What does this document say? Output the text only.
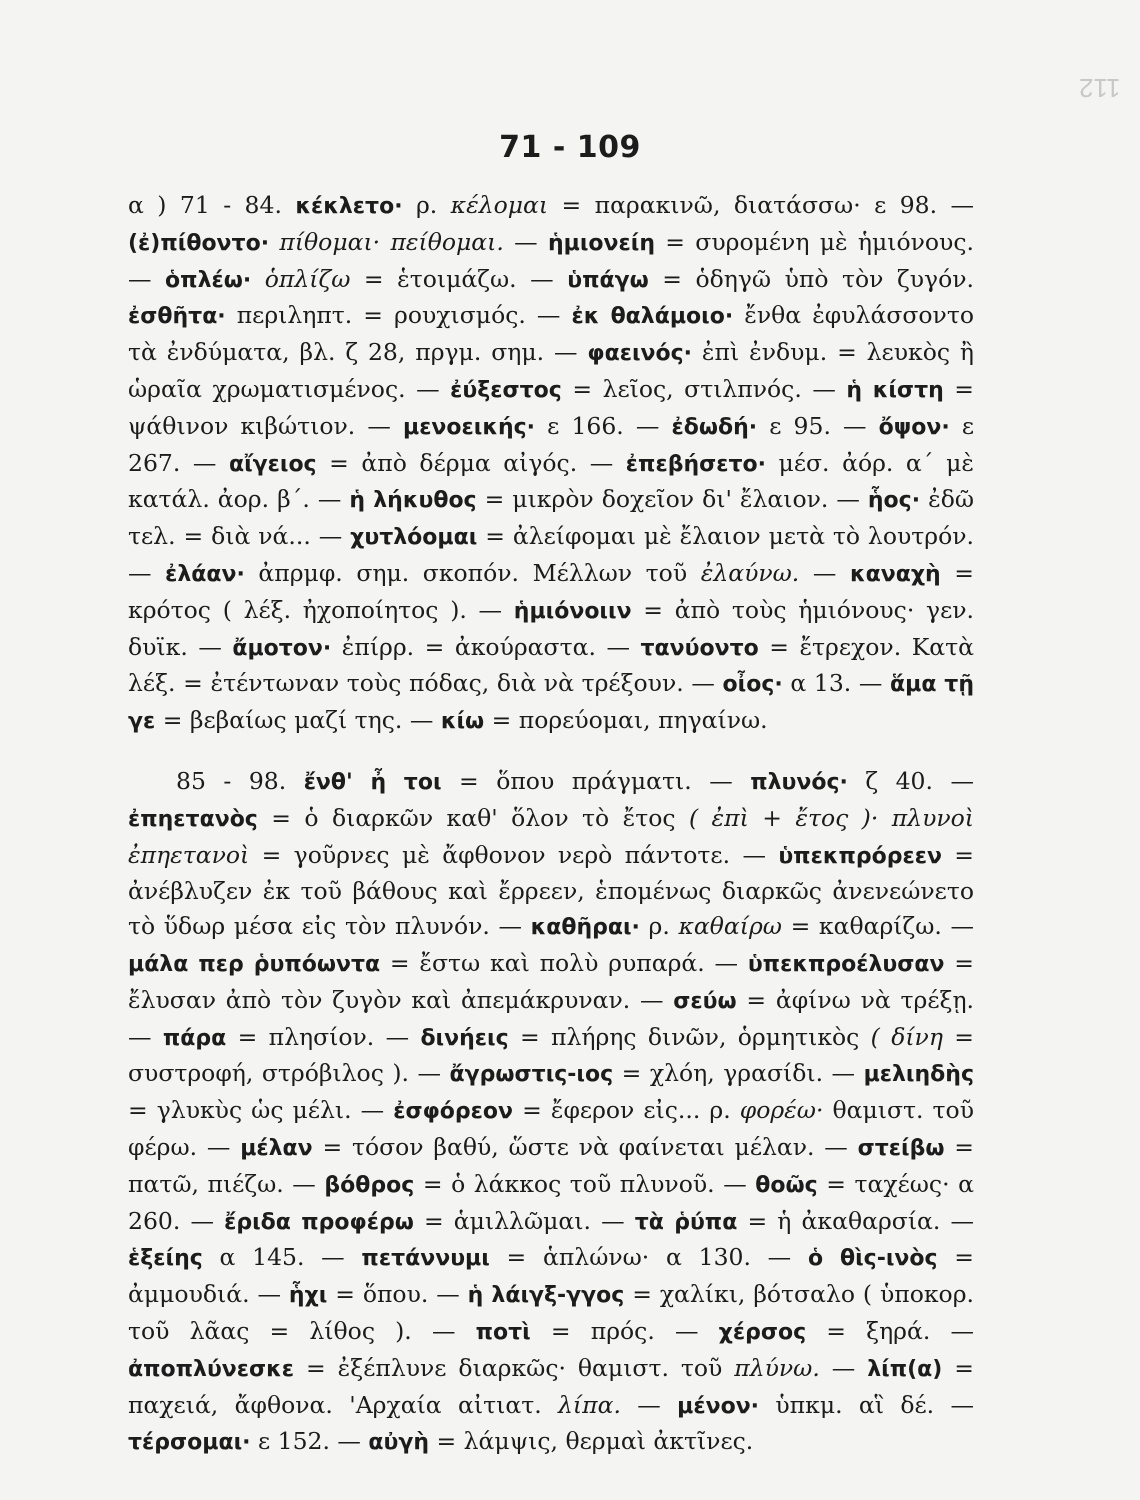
112
71 - 109

α ) 71 - 84. κέκλετο· ρ. κέλομαι = παρακινῶ, διατάσσω· ε 98. — (ἐ)πίθοντο· πίθομαι· πείθομαι. — ἡμιονείη = συρομένη μὲ ἡμιόνους. — ὁπλέω· ὁπλίζω = ἑτοιμάζω. — ὑπάγω = ὁδηγῶ ὑπὸ τὸν ζυγόν. ἐσθῆτα· περιληπτ. = ρουχισμός. — ἐκ θαλάμοιο· ἔνθα ἐφυλάσσοντο τὰ ἐνδύματα, βλ. ζ 28, πργμ. σημ. — φαεινός· ἐπὶ ἐνδυμ. = λευκὸς ἢ ὡραῖα χρωματισμένος. — ἐύξεστος = λεῖος, στιλπνός. — ἡ κίστη = ψάθινον κιβώτιον. — μενοεικής· ε 166. — ἐδωδή· ε 95. — ὄψον· ε 267. — αἴγειος = ἀπὸ δέρμα αἰγός. — ἐπεβήσετο· μέσ. ἀόρ. α΄ μὲ κατάλ. ἀορ. β΄. — ἡ λήκυθος = μικρὸν δοχεῖον δι' ἔλαιον. — ἧος· ἐδῶ τελ. = διὰ νά... — χυτλόομαι = ἀλείφομαι μὲ ἔλαιον μετὰ τὸ λουτρόν. — ἐλάαν· ἀπρμφ. σημ. σκοπόν. Μέλλων τοῦ ἐλαύνω. — καναχὴ = κρότος ( λέξ. ἠχοποίητος ). — ἡμιόνοιιν = ἀπὸ τοὺς ἡμιόνους· γεν. δυϊκ. — ἄμοτον· ἐπίρρ. = ἀκούραστα. — τανύοντο = ἔτρεχον. Κατὰ λέξ. = ἐτέντωναν τοὺς πόδας, διὰ νὰ τρέξουν. — οἶος· α 13. — ἅμα τῇ γε = βεβαίως μαζί της. — κίω = πορεύομαι, πηγαίνω.

85 - 98. ἔνθ' ἦ τοι = ὅπου πράγματι. — πλυνός· ζ 40. — ἐπηετανὸς = ὁ διαρκῶν καθ' ὅλον τὸ ἔτος ( ἐπὶ + ἔτος )· πλυνοὶ ἐπηετανοὶ = γοῦρνες μὲ ἄφθονον νερὸ πάντοτε. — ὑπεκπρόρεεν = ἀνέβλυζεν ἐκ τοῦ βάθους καὶ ἔρρεεν, ἑπομένως διαρκῶς ἀνενεώνετο τὸ ὕδωρ μέσα εἰς τὸν πλυνόν. — καθῆραι· ρ. καθαίρω = καθαρίζω. — μάλα περ ῥυπόωντα = ἔστω καὶ πολὺ ρυπαρά. — ὑπεκπροέλυσαν = ἔλυσαν ἀπὸ τὸν ζυγὸν καὶ ἀπεμάκρυναν. — σεύω = ἀφίνω νὰ τρέξῃ. — πάρα = πλησίον. — δινήεις = πλήρης δινῶν, ὁρμητικὸς ( δίνη = συστροφή, στρόβιλος ). — ἄγρωστις-ιος = χλόη, γρασίδι. — μελιηδὴς = γλυκὺς ὡς μέλι. — ἐσφόρεον = ἔφερον εἰς... ρ. φορέω· θαμιστ. τοῦ φέρω. — μέλαν = τόσον βαθύ, ὥστε νὰ φαίνεται μέλαν. — στείβω = πατῶ, πιέζω. — βόθρος = ὁ λάκκος τοῦ πλυνοῦ. — θοῶς = ταχέως· α 260. — ἔριδα προφέρω = ἁμιλλῶμαι. — τὰ ῥύπα = ἡ ἀκαθαρσία. — ἑξείης α 145. — πετάννυμι = ἁπλώνω· α 130. — ὁ θὶς-ινὸς = ἀμμουδιά. — ἧχι = ὅπου. — ἡ λάιγξ-γγος = χαλίκι, βότσαλο ( ὑποκορ. τοῦ λᾶας = λίθος ). — ποτὶ = πρός. — χέρσος = ξηρά. — ἀποπλύνεσκε = ἐξέπλυνε διαρκῶς· θαμιστ. τοῦ πλύνω. — λίπ(α) = παχειά, ἄφθονα. 'Αρχαία αἰτιατ. λίπα. — μένον· ὑπκμ. αἳ δέ. — τέρσομαι· ε 152. — αὐγὴ = λάμψις, θερμαὶ ἀκτῖνες.
